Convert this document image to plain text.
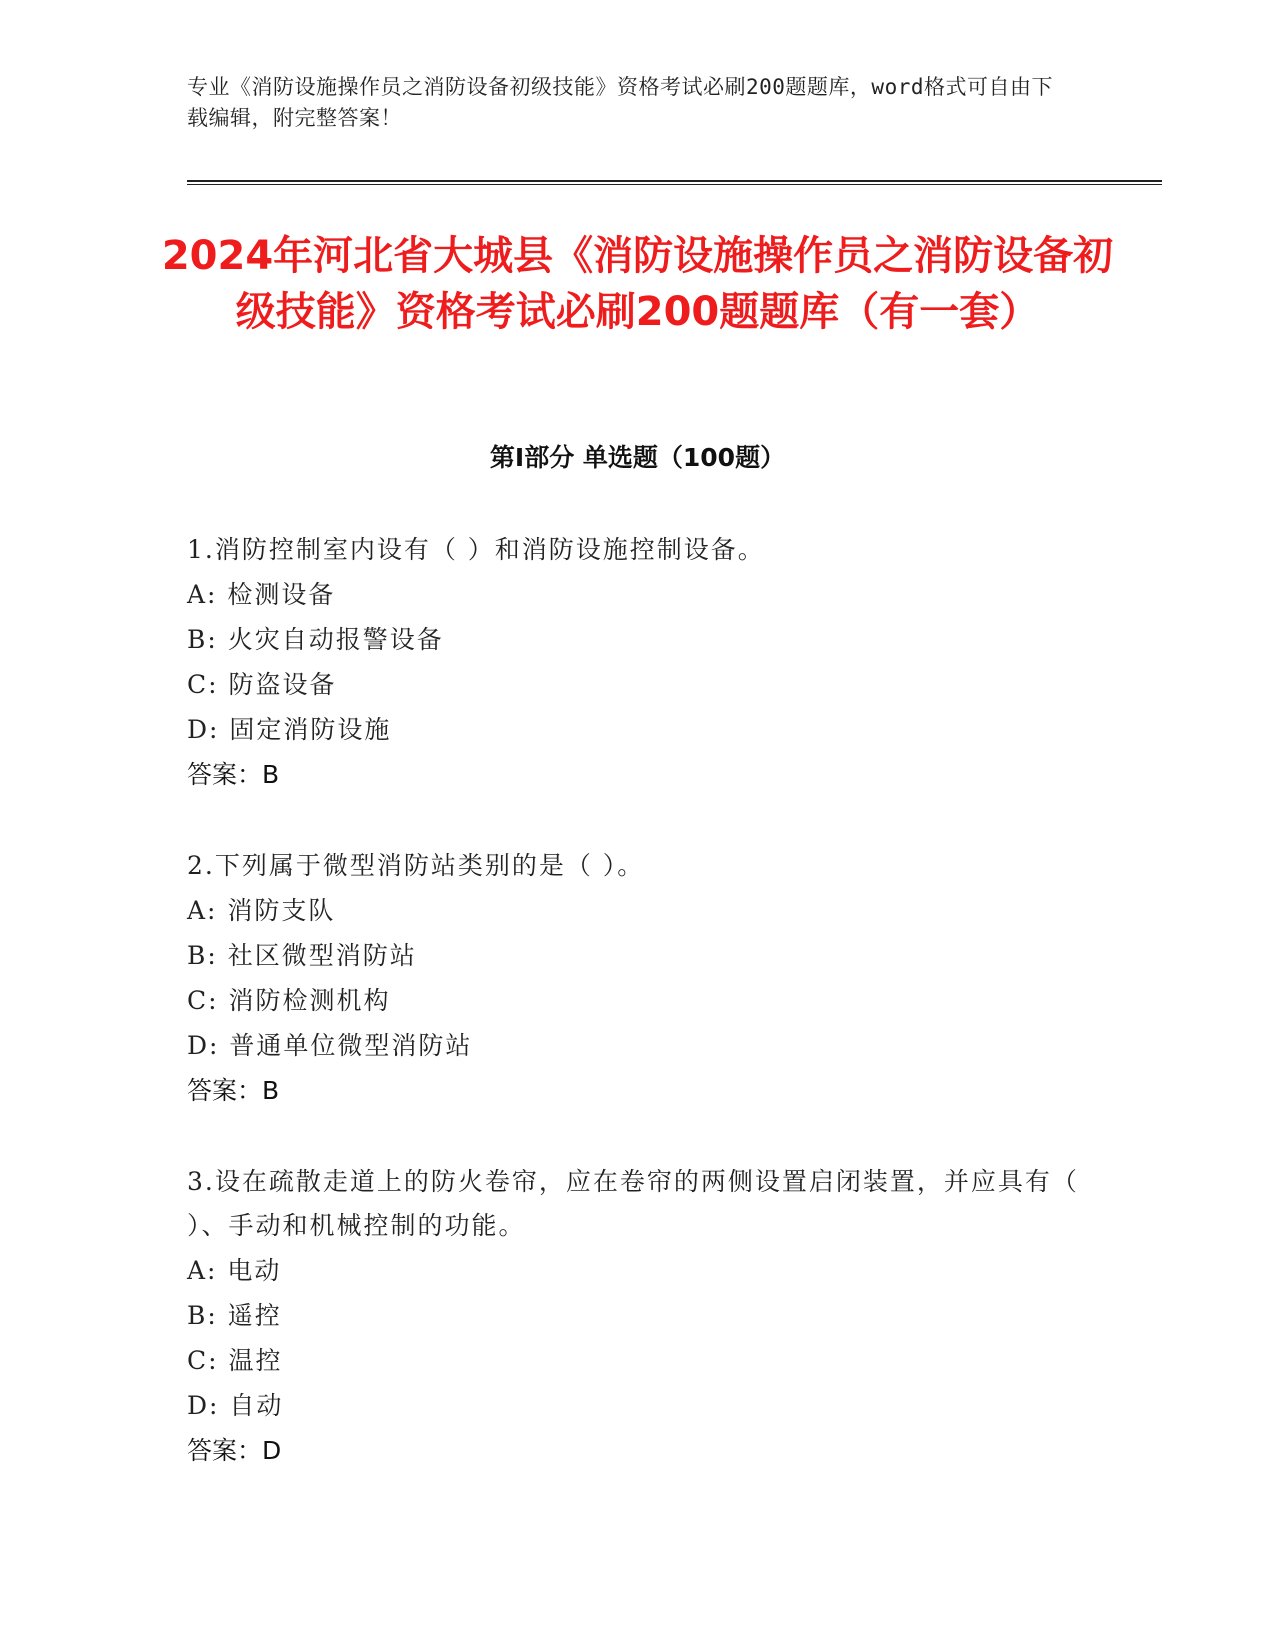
专业《消防设施操作员之消防设备初级技能》资格考试必刷200题题库，word格式可自由下载编辑，附完整答案！
2024年河北省大城县《消防设施操作员之消防设备初级技能》资格考试必刷200题题库（有一套）
第Ⅰ部分 单选题（100题）
1.消防控制室内设有（ ）和消防设施控制设备。
A: 检测设备
B: 火灾自动报警设备
C: 防盗设备
D: 固定消防设施
答案：B
2.下列属于微型消防站类别的是（ ）。
A: 消防支队
B: 社区微型消防站
C: 消防检测机构
D: 普通单位微型消防站
答案：B
3.设在疏散走道上的防火卷帘，应在卷帘的两侧设置启闭装置，并应具有（ ）、手动和机械控制的功能。
A: 电动
B: 遥控
C: 温控
D: 自动
答案：D
